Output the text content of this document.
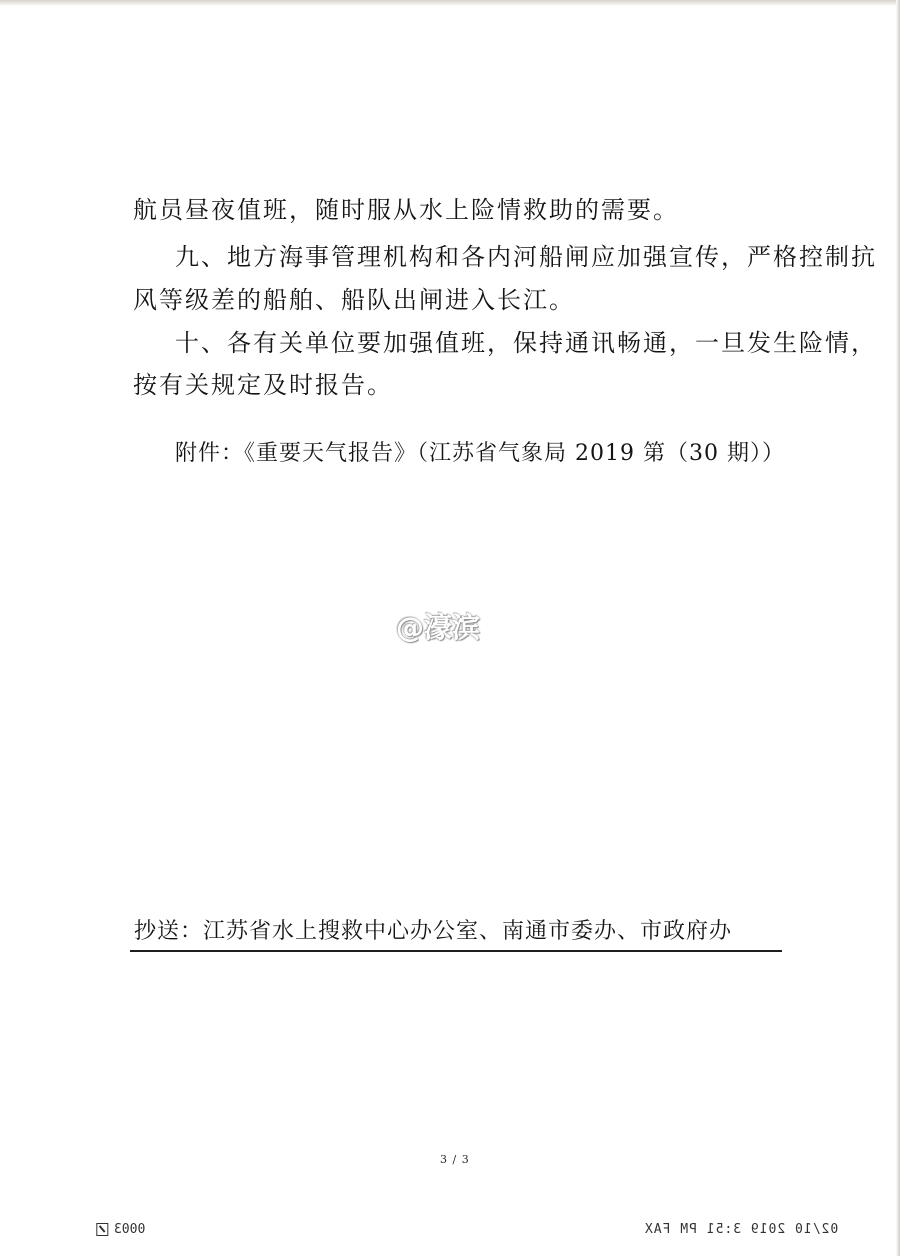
航员昼夜值班，随时服从水上险情救助的需要。
九、地方海事管理机构和各内河船闸应加强宣传，严格控制抗
风等级差的船舶、船队出闸进入长江。
十、各有关单位要加强值班，保持通讯畅通，一旦发生险情，
按有关规定及时报告。
附件：《重要天气报告》（江苏省气象局 2019 第（30 期））
@濠滨
抄送：江苏省水上搜救中心办公室、南通市委办、市政府办
3 / 3
0003	02/10 2019 3:51 PM FAX
